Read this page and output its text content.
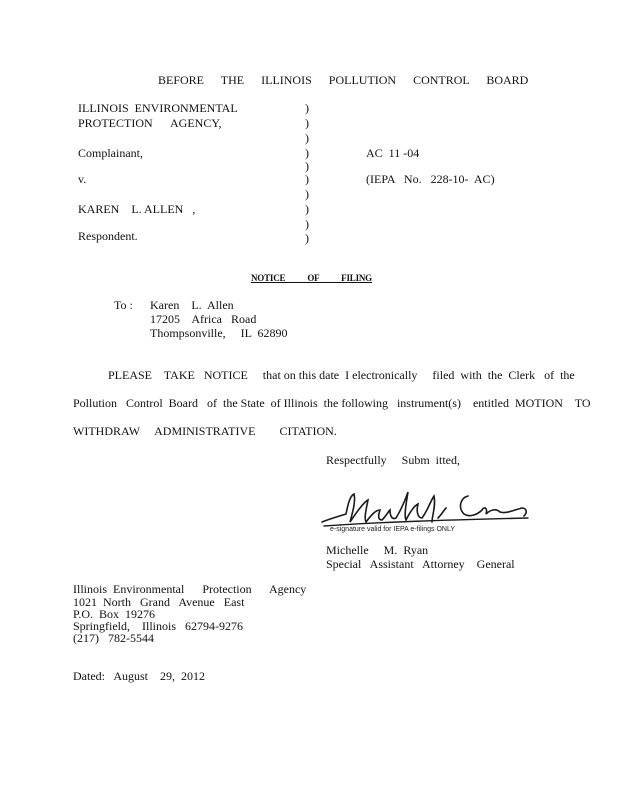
BEFORE THE ILLINOIS POLLUTION CONTROL BOARD
ILLINOIS  ENVIRONMENTAL
PROTECTION      AGENCY,
Complainant,
v.
KAREN    L. ALLEN   ,
Respondent.
)
)
)
)
)
)
)
)
)
)
AC  11 -04
(IEPA   No.   228-10-  AC)
NOTICE OF FILING
To : Karen    L.  Allen
17205    Africa   Road
Thompsonville,     IL  62890
PLEASE    TAKE   NOTICE     that on this date  I electronically     filed  with  the  Clerk   of  the
Pollution   Control  Board   of  the State  of Illinois  the following   instrument(s)    entitled  MOTION    TO
WITHDRAW     ADMINISTRATIVE        CITATION.
Respectfully     Subm  itted,
e-signature valid for IEPA e-filings ONLY
Michelle     M.  Ryan
Special   Assistant   Attorney    General
Illinois  Environmental      Protection      Agency
1021  North   Grand   Avenue   East
P.O.  Box  19276
Springfield,    Illinois   62794-9276
(217)   782-5544
Dated:   August    29,  2012
